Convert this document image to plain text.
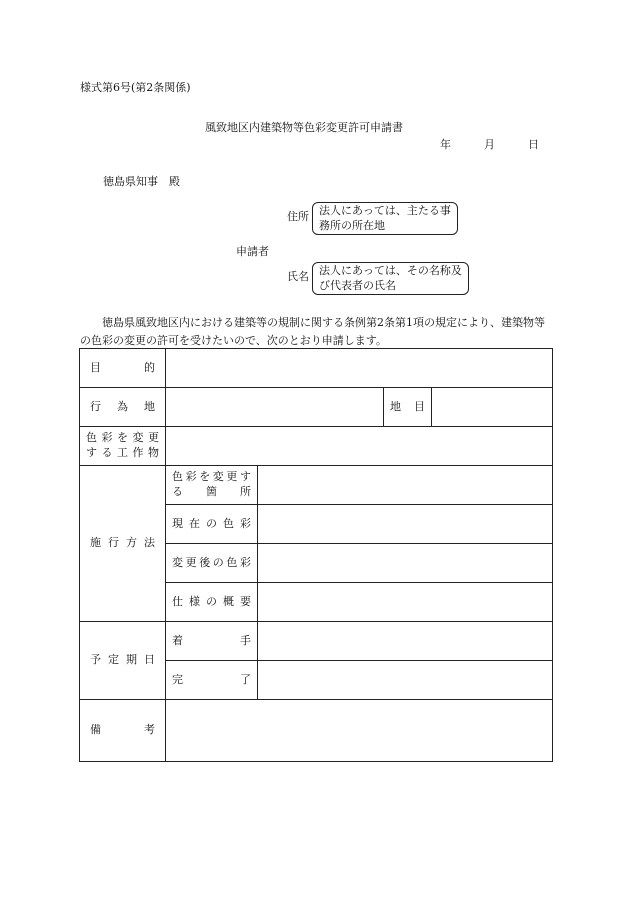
様式第6号(第2条関係)
風致地区内建築物等色彩変更許可申請書
年	月	日
徳島県知事　殿
住所 法人にあっては、主たる事
務所の所在地
申請者
氏名 法人にあっては、その名称及
び代表者の氏名
徳島県風致地区内における建築等の規制に関する条例第2条第1項の規定により、建築物等の色彩の変更の許可を受けたいので、次のとおり申請します。
目　的				
行　為　地			地　目	

色彩を変更
する工作物				

施行方法	色彩を変更す
る　箇　所			

	現在の色彩			
	変更後の色彩			
	仕様の概要			
予定期日	着　手			
	完　了			
備　考				
